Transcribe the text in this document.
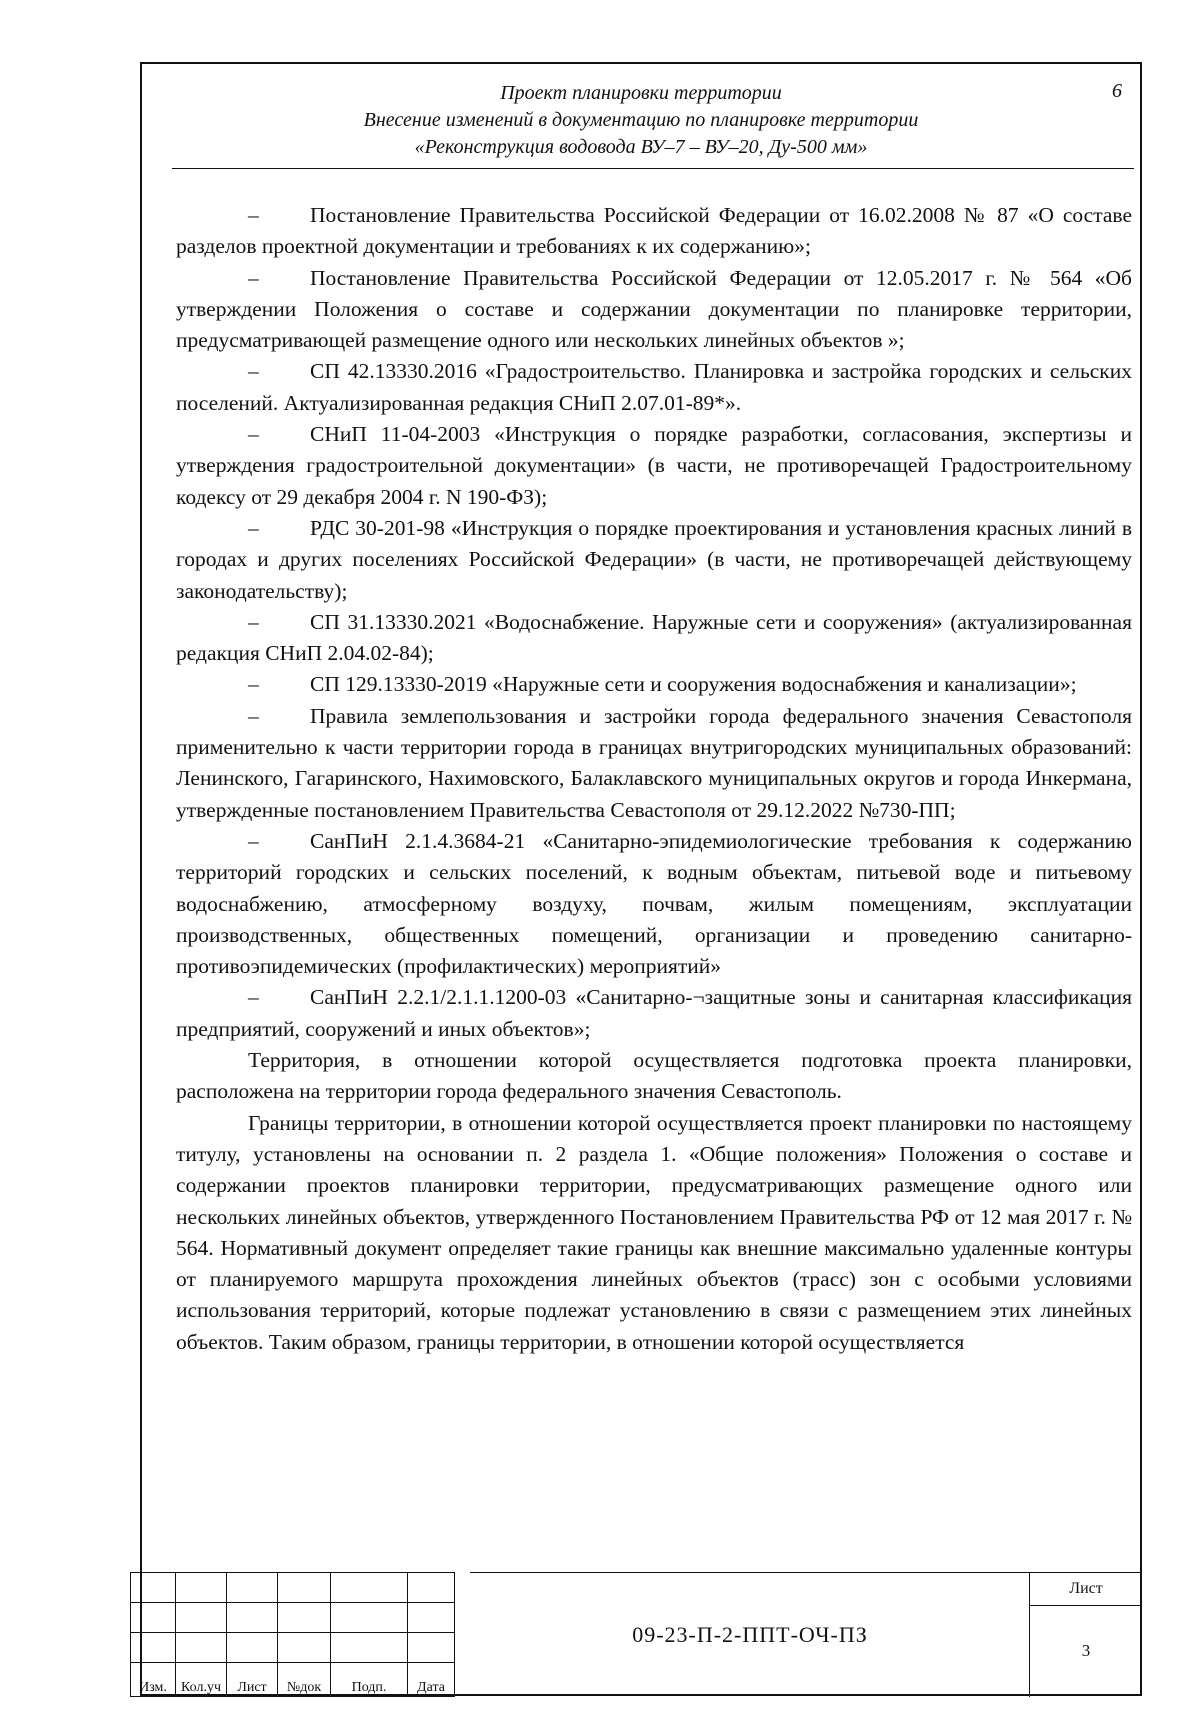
Проект планировки территории
Внесение изменений в документацию по планировке территории
«Реконструкция водовода ВУ–7 – ВУ–20, Ду-500 мм»
6

– Постановление Правительства Российской Федерации от 16.02.2008 № 87 «О составе разделов проектной документации и требованиях к их содержанию»;

– Постановление Правительства Российской Федерации от 12.05.2017 г. № 564 «Об утверждении Положения о составе и содержании документации по планировке территории, предусматривающей размещение одного или нескольких линейных объектов »;

– СП 42.13330.2016 «Градостроительство. Планировка и застройка городских и сельских поселений. Актуализированная редакция СНиП 2.07.01-89*».

– СНиП 11-04-2003 «Инструкция о порядке разработки, согласования, экспертизы и утверждения градостроительной документации» (в части, не противоречащей Градостроительному кодексу от 29 декабря 2004 г. N 190-ФЗ);

– РДС 30-201-98 «Инструкция о порядке проектирования и установления красных линий в городах и других поселениях Российской Федерации» (в части, не противоречащей действующему законодательству);

– СП 31.13330.2021 «Водоснабжение. Наружные сети и сооружения» (актуализированная редакция СНиП 2.04.02-84);

– СП 129.13330-2019 «Наружные сети и сооружения водоснабжения и канализации»;

– Правила землепользования и застройки города федерального значения Севастополя применительно к части территории города в границах внутригородских муниципальных образований: Ленинского, Гагаринского, Нахимовского, Балаклавского муниципальных округов и города Инкермана, утвержденные постановлением Правительства Севастополя от 29.12.2022 №730-ПП;

– СанПиН 2.1.4.3684-21 «Санитарно-эпидемиологические требования к содержанию территорий городских и сельских поселений, к водным объектам, питьевой воде и питьевому водоснабжению, атмосферному воздуху, почвам, жилым помещениям, эксплуатации производственных, общественных помещений, организации и проведению санитарно-противоэпидемических (профилактических) мероприятий»

– СанПиН 2.2.1/2.1.1.1200-03 «Санитарно-¬защитные зоны и санитарная классификация предприятий, сооружений и иных объектов»;

Территория, в отношении которой осуществляется подготовка проекта планировки, расположена на территории города федерального значения Севастополь.

Границы территории, в отношении которой осуществляется проект планировки по настоящему титулу, установлены на основании п. 2 раздела 1. «Общие положения» Положения о составе и содержании проектов планировки территории, предусматривающих размещение одного или нескольких линейных объектов, утвержденного Постановлением Правительства РФ от 12 мая 2017 г. № 564. Нормативный документ определяет такие границы как внешние максимально удаленные контуры от планируемого маршрута прохождения линейных объектов (трасс) зон с особыми условиями использования территорий, которые подлежат установлению в связи с размещением этих линейных объектов. Таким образом, границы территории, в отношении которой осуществляется

Изм.	Кол.уч	Лист	№док	Подп.	Дата
09-23-П-2-ППТ-ОЧ-ПЗ
Лист
3
